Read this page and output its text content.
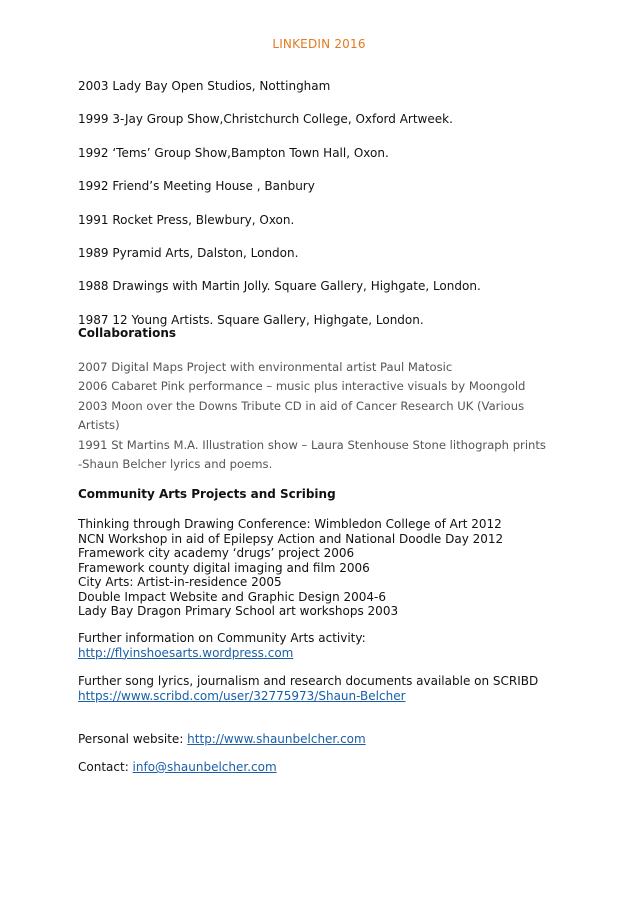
LINKEDIN 2016
2003 Lady Bay Open Studios, Nottingham
1999 3-Jay Group Show,Christchurch College, Oxford Artweek.
1992 ‘Tems’ Group Show,Bampton Town Hall, Oxon.
1992 Friend’s Meeting House , Banbury
1991 Rocket Press, Blewbury, Oxon.
1989 Pyramid Arts, Dalston, London.
1988 Drawings with Martin Jolly. Square Gallery, Highgate, London.
1987 12 Young Artists. Square Gallery, Highgate, London.
Collaborations
2007 Digital Maps Project with environmental artist Paul Matosic
2006 Cabaret Pink performance – music plus interactive visuals by Moongold
2003 Moon over the Downs Tribute CD in aid of Cancer Research UK (Various Artists)
1991 St Martins M.A. Illustration show – Laura Stenhouse Stone lithograph prints -Shaun Belcher lyrics and poems.
Community Arts Projects and Scribing
Thinking through Drawing Conference: Wimbledon College of Art 2012
NCN Workshop in aid of Epilepsy Action and National Doodle Day 2012
Framework city academy ‘drugs’ project 2006
Framework county digital imaging and film 2006
City Arts: Artist-in-residence 2005
Double Impact Website and Graphic Design 2004-6
Lady Bay Dragon Primary School art workshops 2003
Further information on Community Arts activity:
http://flyinshoesarts.wordpress.com
Further song lyrics, journalism and research documents available on SCRIBD
https://www.scribd.com/user/32775973/Shaun-Belcher
Personal website: http://www.shaunbelcher.com
Contact: info@shaunbelcher.com
